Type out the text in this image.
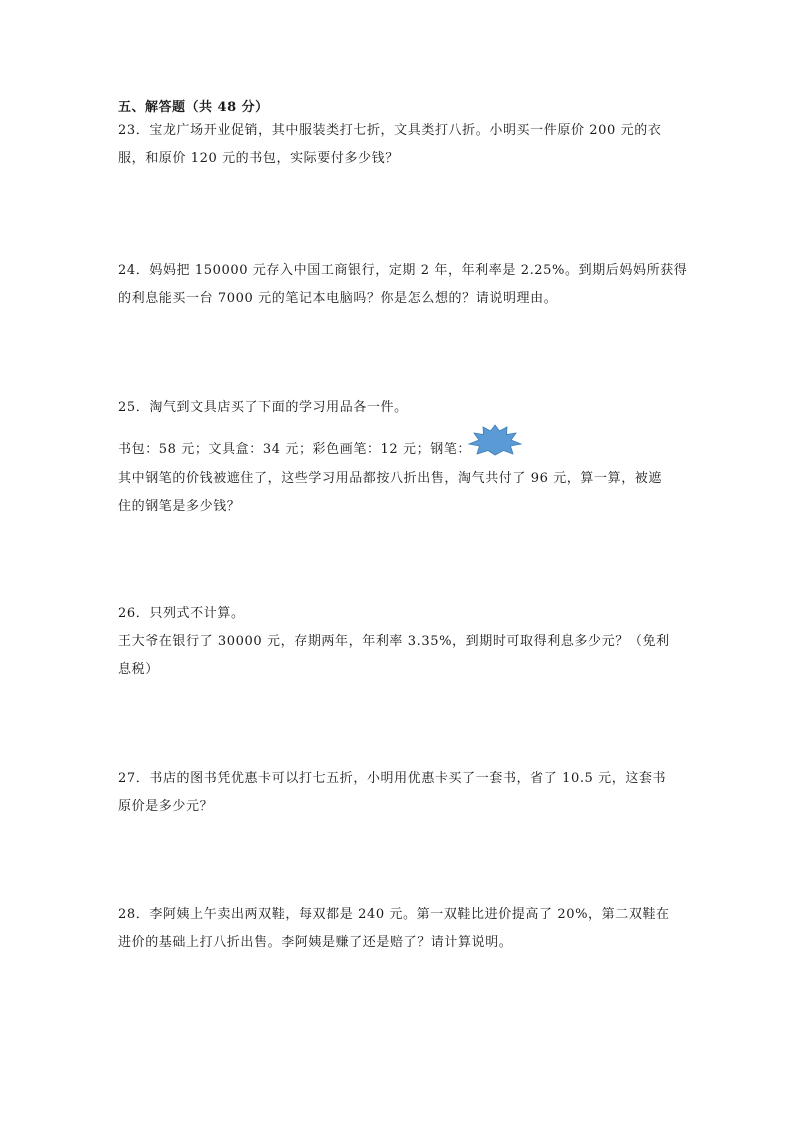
五、解答题（共 48 分）
23．宝龙广场开业促销，其中服装类打七折，文具类打八折。小明买一件原价 200 元的衣
服，和原价 120 元的书包，实际要付多少钱？
24．妈妈把 150000 元存入中国工商银行，定期 2 年，年利率是 2.25%。到期后妈妈所获得
的利息能买一台 7000 元的笔记本电脑吗？你是怎么想的？请说明理由。
25．淘气到文具店买了下面的学习用品各一件。
书包：58 元；文具盒：34 元；彩色画笔：12 元；钢笔：
其中钢笔的价钱被遮住了，这些学习用品都按八折出售，淘气共付了 96 元，算一算，被遮
住的钢笔是多少钱？
26．只列式不计算。
王大爷在银行了 30000 元，存期两年，年利率 3.35%，到期时可取得利息多少元？（免利
息税）
27．书店的图书凭优惠卡可以打七五折，小明用优惠卡买了一套书，省了 10.5 元，这套书
原价是多少元？
28．李阿姨上午卖出两双鞋，每双都是 240 元。第一双鞋比进价提高了 20%，第二双鞋在
进价的基础上打八折出售。李阿姨是赚了还是赔了？请计算说明。
